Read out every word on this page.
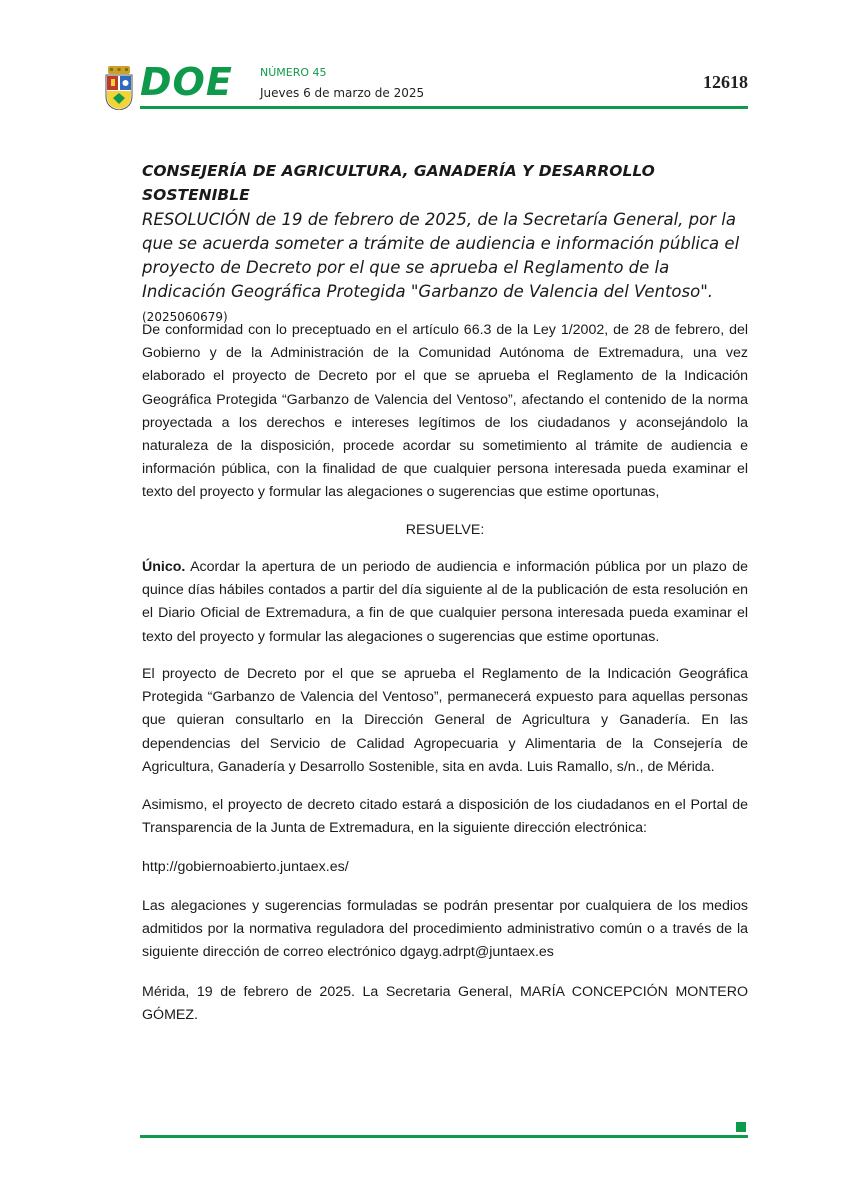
DOE NÚMERO 45
Jueves 6 de marzo de 2025
12618
CONSEJERÍA DE AGRICULTURA, GANADERÍA Y DESARROLLO SOSTENIBLE
RESOLUCIÓN de 19 de febrero de 2025, de la Secretaría General, por la que se acuerda someter a trámite de audiencia e información pública el proyecto de Decreto por el que se aprueba el Reglamento de la Indicación Geográfica Protegida "Garbanzo de Valencia del Ventoso". (2025060679)

De conformidad con lo preceptuado en el artículo 66.3 de la Ley 1/2002, de 28 de febrero, del Gobierno y de la Administración de la Comunidad Autónoma de Extremadura, una vez elaborado el proyecto de Decreto por el que se aprueba el Reglamento de la Indicación Geográfica Protegida “Garbanzo de Valencia del Ventoso”, afectando el contenido de la norma proyectada a los derechos e intereses legítimos de los ciudadanos y aconsejándolo la naturaleza de la disposición, procede acordar su sometimiento al trámite de audiencia e información pública, con la finalidad de que cualquier persona interesada pueda examinar el texto del proyecto y formular las alegaciones o sugerencias que estime oportunas,

RESUELVE:

Único. Acordar la apertura de un periodo de audiencia e información pública por un plazo de quince días hábiles contados a partir del día siguiente al de la publicación de esta resolución en el Diario Oficial de Extremadura, a fin de que cualquier persona interesada pueda examinar el texto del proyecto y formular las alegaciones o sugerencias que estime oportunas.

El proyecto de Decreto por el que se aprueba el Reglamento de la Indicación Geográfica Protegida “Garbanzo de Valencia del Ventoso”, permanecerá expuesto para aquellas personas que quieran consultarlo en la Dirección General de Agricultura y Ganadería. En las dependencias del Servicio de Calidad Agropecuaria y Alimentaria de la Consejería de Agricultura, Ganadería y Desarrollo Sostenible, sita en avda. Luis Ramallo, s/n., de Mérida.

Asimismo, el proyecto de decreto citado estará a disposición de los ciudadanos en el Portal de Transparencia de la Junta de Extremadura, en la siguiente dirección electrónica:

http://gobiernoabierto.juntaex.es/

Las alegaciones y sugerencias formuladas se podrán presentar por cualquiera de los medios admitidos por la normativa reguladora del procedimiento administrativo común o a través de la siguiente dirección de correo electrónico dgayg.adrpt@juntaex.es

Mérida, 19 de febrero de 2025. La Secretaria General, MARÍA CONCEPCIÓN MONTERO GÓMEZ.
